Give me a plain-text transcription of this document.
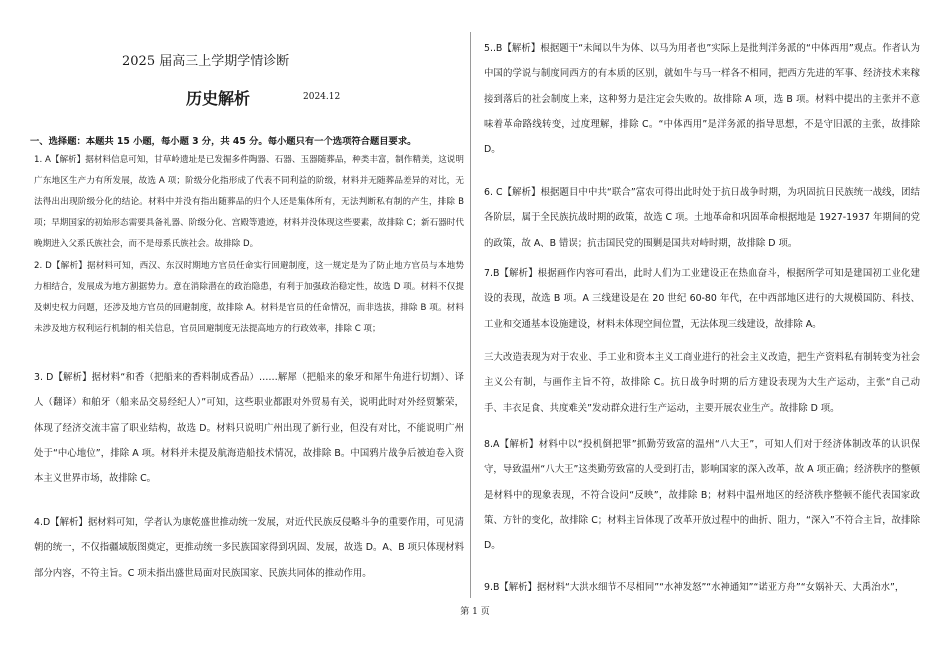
2025 届高三上学期学情诊断
历史解析	2024.12
一、选择题：本题共 15 小题，每小题 3 分，共 45 分。每小题只有一个选项符合题目要求。

1. A【解析】据材料信息可知，甘草岭遗址是已发掘多件陶器、石器、玉器随葬品，种类丰富，制作精美，这说明广东地区生产力有所发展，故选 A 项；阶级分化指形成了代表不同利益的阶级，材料并无随葬品差异的对比，无法得出出现阶级分化的结论。材料中并没有指出随葬品的归个人还是集体所有，无法判断私有制的产生，排除 B 项；早期国家的初始形态需要具备礼器、阶级分化、宫殿等遗迹，材料并没体现这些要素，故排除 C；新石器时代晚期进入父系氏族社会，而不是母系氏族社会。故排除 D。

2. D【解析】据材料可知，西汉、东汉时期地方官员任命实行回避制度，这一规定是为了防止地方官员与本地势力相结合，发展成为地方割据势力。意在消除潜在的政治隐患，有利于加强政治稳定性，故选 D 项。材料不仅提及刺史权力问题，还涉及地方官员的回避制度，故排除 A。材料是官员的任命情况，而非选拔，排除 B 项。材料未涉及地方权利运行机制的相关信息，官员回避制度无法提高地方的行政效率，排除 C 项；

3. D【解析】据材料“和香（把船来的香料制成香品）……解犀（把船来的象牙和犀牛角进行切割）、译人（翻译）和舶牙（船来品交易经纪人）”可知，这些职业都跟对外贸易有关，说明此时对外经贸繁荣，体现了经济交流丰富了职业结构，故选 D。材料只说明广州出现了新行业，但没有对比，不能说明广州处于“中心地位”，排除 A 项。材料并未提及航海造船技术情况，故排除 B。中国鸦片战争后被迫卷入资本主义世界市场，故排除 C。

4.D【解析】据材料可知，学者认为康乾盛世推动统一发展，对近代民族反侵略斗争的重要作用，可见清朝的统一，不仅指疆域版图奠定，更推动统一多民族国家得到巩固、发展，故选 D。A、B 项只体现材料部分内容，不符主旨。C 项未指出盛世局面对民族国家、民族共同体的推动作用。

5..B【解析】根据题干“未闻以牛为体、以马为用者也”实际上是批判洋务派的“中体西用”观点。作者认为中国的学说与制度同西方的有本质的区别，就如牛与马一样各不相同，把西方先进的军事、经济技术来稼接到落后的社会制度上来，这种努力是注定会失败的。故排除 A 项，选 B 项。材料中提出的主张并不意味着革命路线转变，过度理解，排除 C。“中体西用”是洋务派的指导思想，不是守旧派的主张，故排除 D。

6. C【解析】根据题目中中共“联合”富农可得出此时处于抗日战争时期，为巩固抗日民族统一战线，团结各阶层，属于全民族抗战时期的政策，故选 C 项。土地革命和巩固革命根据地是 1927-1937 年期间的党的政策，故 A、B 错误；抗击国民党的围剿是国共对峙时期，故排除 D 项。

7.B【解析】根据画作内容可看出，此时人们为工业建设正在热血奋斗，根据所学可知是建国初工业化建设的表现，故选 B 项。A 三线建设是在 20 世纪 60-80 年代，在中西部地区进行的大规模国防、科技、工业和交通基本设施建设，材料未体现空间位置，无法体现三线建设，故排除 A。

三大改造表现为对于农业、手工业和资本主义工商业进行的社会主义改造，把生产资料私有制转变为社会主义公有制，与画作主旨不符，故排除 C。抗日战争时期的后方建设表现为大生产运动，主张“自己动手、丰衣足食、共度难关”发动群众进行生产运动，主要开展农业生产。故排除 D 项。

8.A【解析】材料中以“投机倒把罪”抓勤劳致富的温州“八大王”，可知人们对于经济体制改革的认识保守，导致温州“八大王”这类勤劳致富的人受到打击，影响国家的深入改革，故 A 项正确；经济秩序的整顿是材料中的现象表现，不符合设问“反映”，故排除 B；材料中温州地区的经济秩序整顿不能代表国家政策、方针的变化，故排除 C；材料主旨体现了改革开放过程中的曲折、阻力，“深入”不符合主旨，故排除 D。

9.B【解析】据材料“大洪水细节不尽相同”“水神发怒”“水神通知”“诺亚方舟”“女娲补天、大禹治水”，

第 1 页
